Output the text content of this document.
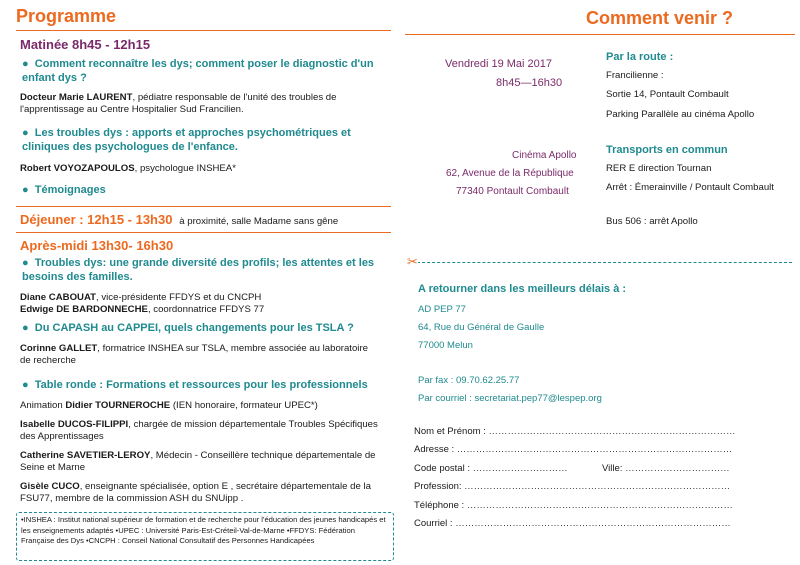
Programme
Matinée 8h45 - 12h15
● Comment reconnaître les dys; comment poser le diagnostic d'un enfant dys ?
Docteur Marie LAURENT, pédiatre responsable de l'unité des troubles de l'apprentissage au Centre Hospitalier Sud Francilien.
● Les troubles dys : apports et approches psychométriques et cliniques des psychologues de l'enfance.
Robert VOYOZAPOULOS, psychologue INSHEA*
● Témoignages
Déjeuner : 12h15 - 13h30 à proximité, salle Madame sans gêne
Après-midi 13h30- 16h30
● Troubles dys: une grande diversité des profils; les attentes et les besoins des familles.
Diane CABOUAT, vice-présidente FFDYS et du CNCPH
Edwige DE BARDONNECHE, coordonnatrice FFDYS 77
● Du CAPASH au CAPPEI, quels changements pour les TSLA ?
Corinne GALLET, formatrice INSHEA sur TSLA, membre associée au laboratoire de recherche
● Table ronde : Formations et ressources pour les professionnels
Animation Didier TOURNEROCHE (IEN honoraire, formateur UPEC*)
Isabelle DUCOS-FILIPPI, chargée de mission départementale Troubles Spécifiques des Apprentissages
Catherine SAVETIER-LEROY, Médecin - Conseillère technique départementale de Seine et Marne
Gisèle CUCO, enseignante spécialisée, option E , secrétaire départementale de la FSU77, membre de la commission ASH du SNUipp .
•INSHEA : Institut national supérieur de formation et de recherche pour l'éducation des jeunes handicapés et les enseignements adaptés •UPEC : Université Paris-Est-Créteil-Val-de-Marne •FFDYS: Fédération Française des Dys •CNCPH : Conseil National Consultatif des Personnes Handicapées
Comment venir ?
Vendredi 19 Mai 2017
8h45—16h30
Cinéma Apollo
62, Avenue de la République
77340 Pontault Combault
Par la route :
Francilienne :
Sortie 14, Pontault Combault
Parking Parallèle au cinéma Apollo
Transports en commun
RER E direction Tournan
Arrêt : Émerainville / Pontault Combault
Bus 506 : arrêt Apollo
✂
A retourner dans les meilleurs délais à :
AD PEP 77
64, Rue du Général de Gaulle
77000 Melun
Par fax : 09.70.62.25.77
Par courriel : secretariat.pep77@lespep.org
Nom et Prénom : ……………………………………………………………………
Adresse : ……………………………………………………………………………
Code postal : …………………………	Ville: ……………………………
Profession: …………………………………………………………………………
Téléphone : …………………………………………………………………………
Courriel : ……………………………………………………………………………
